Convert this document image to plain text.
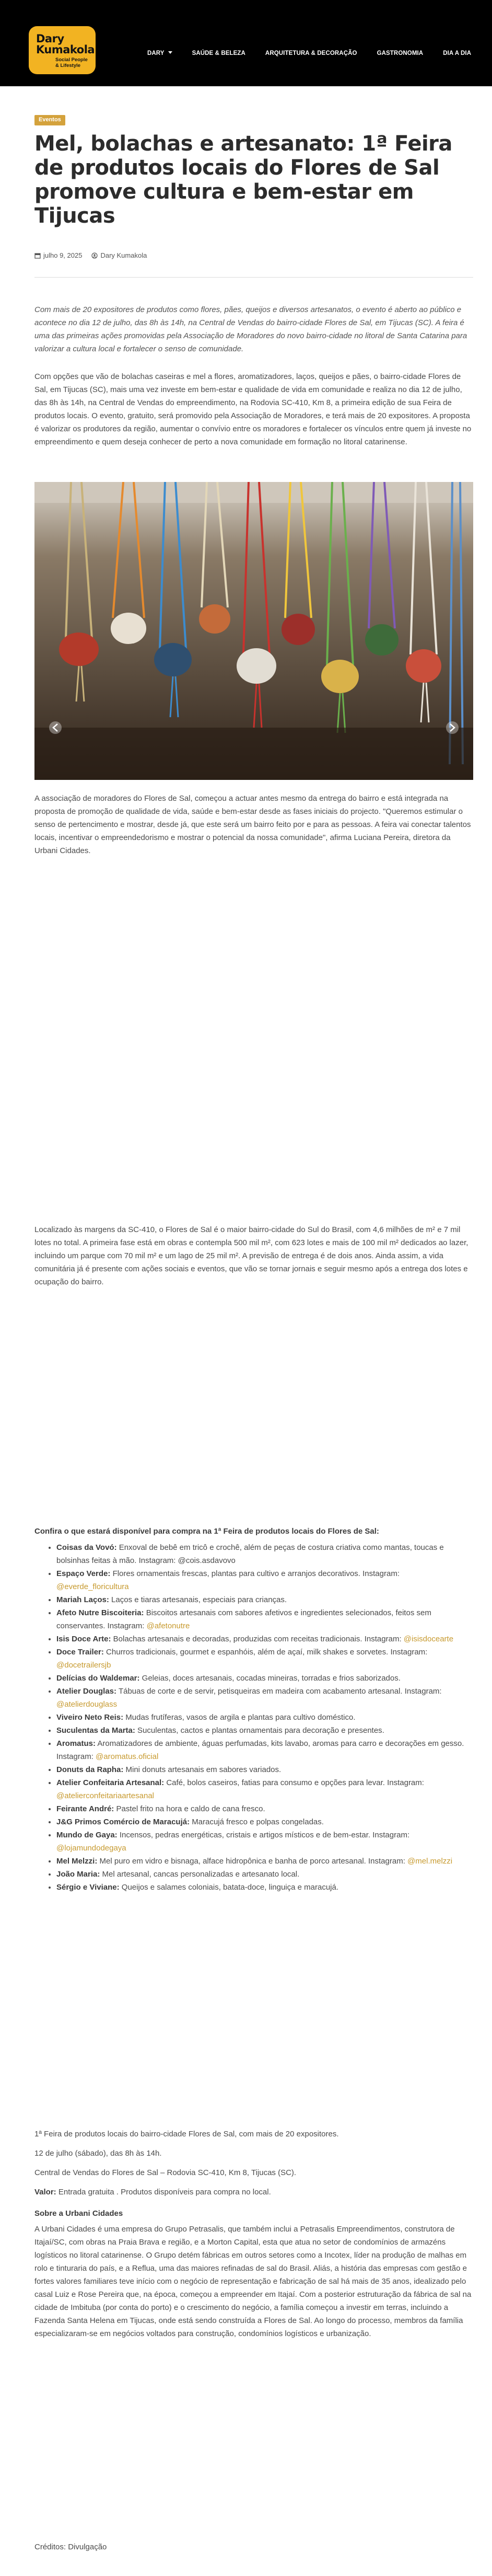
Dary
Kumakola
Social People & Lifestyle
DARY	SAÚDE & BELEZA	ARQUITETURA & DECORAÇÃO	GASTRONOMIA	DIA A DIA
Eventos
Mel, bolachas e artesanato: 1ª Feira de produtos locais do Flores de Sal promove cultura e bem-estar em Tijucas
julho 9, 2025	Dary Kumakola

Com mais de 20 expositores de produtos como flores, pães, queijos e diversos artesanatos, o evento é aberto ao público e acontece no dia 12 de julho, das 8h às 14h, na Central de Vendas do bairro-cidade Flores de Sal, em Tijucas (SC). A feira é uma das primeiras ações promovidas pela Associação de Moradores do novo bairro-cidade no litoral de Santa Catarina para valorizar a cultura local e fortalecer o senso de comunidade.

Com opções que vão de bolachas caseiras e mel a flores, aromatizadores, laços, queijos e pães, o bairro-cidade Flores de Sal, em Tijucas (SC), mais uma vez investe em bem-estar e qualidade de vida em comunidade e realiza no dia 12 de julho, das 8h às 14h, na Central de Vendas do empreendimento, na Rodovia SC-410, Km 8, a primeira edição de sua Feira de produtos locais. O evento, gratuito, será promovido pela Associação de Moradores, e terá mais de 20 expositores. A proposta é valorizar os produtores da região, aumentar o convívio entre os moradores e fortalecer os vínculos entre quem já investe no empreendimento e quem deseja conhecer de perto a nova comunidade em formação no litoral catarinense.

A associação de moradores do Flores de Sal, começou a actuar antes mesmo da entrega do bairro e está integrada na proposta de promoção de qualidade de vida, saúde e bem-estar desde as fases iniciais do projecto. "Queremos estimular o senso de pertencimento e mostrar, desde já, que este será um bairro feito por e para as pessoas. A feira vai conectar talentos locais, incentivar o empreendedorismo e mostrar o potencial da nossa comunidade", afirma Luciana Pereira, diretora da Urbani Cidades.

Localizado às margens da SC-410, o Flores de Sal é o maior bairro-cidade do Sul do Brasil, com 4,6 milhões de m² e 7 mil lotes no total. A primeira fase está em obras e contempla 500 mil m², com 623 lotes e mais de 100 mil m² dedicados ao lazer, incluindo um parque com 70 mil m² e um lago de 25 mil m². A previsão de entrega é de dois anos. Ainda assim, a vida comunitária já é presente com ações sociais e eventos, que vão se tornar jornais e seguir mesmo após a entrega dos lotes e ocupação do bairro.

Confira o que estará disponível para compra na 1ª Feira de produtos locais do Flores de Sal:

• Coisas da Vovó: Enxoval de bebê em tricô e crochê, além de peças de costura criativa como mantas, toucas e bolsinhas feitas à mão. Instagram: @cois.asdavovo
• Espaço Verde: Flores ornamentais frescas, plantas para cultivo e arranjos decorativos. Instagram: @everde_floricultura
• Mariah Laços: Laços e tiaras artesanais, especiais para crianças.
• Afeto Nutre Biscoiteria: Biscoitos artesanais com sabores afetivos e ingredientes selecionados, feitos sem conservantes. Instagram: @afetonutre
• Isis Doce Arte: Bolachas artesanais e decoradas, produzidas com receitas tradicionais. Instagram: @isisdocearte
• Doce Trailer: Churros tradicionais, gourmet e espanhóis, além de açaí, milk shakes e sorvetes. Instagram: @docetrailersjb
• Delícias do Waldemar: Geleias, doces artesanais, cocadas mineiras, torradas e frios saborizados.
• Atelier Douglas: Tábuas de corte e de servir, petisqueiras em madeira com acabamento artesanal. Instagram: @atelierdouglass
• Viveiro Neto Reis: Mudas frutíferas, vasos de argila e plantas para cultivo doméstico.
• Suculentas da Marta: Suculentas, cactos e plantas ornamentais para decoração e presentes.
• Aromatus: Aromatizadores de ambiente, águas perfumadas, kits lavabo, aromas para carro e decorações em gesso. Instagram: @aromatus.oficial
• Donuts da Rapha: Mini donuts artesanais em sabores variados.
• Atelier Confeitaria Artesanal: Café, bolos caseiros, fatias para consumo e opções para levar. Instagram: @atelierconfeitariaartesanal
• Feirante André: Pastel frito na hora e caldo de cana fresco.
• J&G Primos Comércio de Maracujá: Maracujá fresco e polpas congeladas.
• Mundo de Gaya: Incensos, pedras energéticas, cristais e artigos místicos e de bem-estar. Instagram: @lojamundodegaya
• Mel Melzzi: Mel puro em vidro e bisnaga, alface hidropônica e banha de porco artesanal. Instagram: @mel.melzzi
• João Maria: Mel artesanal, cancas personalizadas e artesanato local.
• Sérgio e Viviane: Queijos e salames coloniais, batata-doce, linguiça e maracujá.

1ª Feira de produtos locais do bairro-cidade Flores de Sal, com mais de 20 expositores.

12 de julho (sábado), das 8h às 14h.

Central de Vendas do Flores de Sal – Rodovia SC-410, Km 8, Tijucas (SC).

Valor: Entrada gratuita . Produtos disponíveis para compra no local.

Sobre a Urbani Cidades

A Urbani Cidades é uma empresa do Grupo Petrasalis, que também inclui a Petrasalis Empreendimentos, construtora de Itajaí/SC, com obras na Praia Brava e região, e a Morton Capital, esta que atua no setor de condomínios de armazéns logísticos no litoral catarinense. O Grupo detém fábricas em outros setores como a Incotex, líder na produção de malhas em rolo e tinturaria do país, e a Reflua, uma das maiores refinadas de sal do Brasil. Aliás, a história das empresas com gestão e fortes valores familiares teve início com o negócio de representação e fabricação de sal há mais de 35 anos, idealizado pelo casal Luiz e Rose Pereira que, na época, começou a empreender em Itajaí. Com a posterior estruturação da fábrica de sal na cidade de Imbituba (por conta do porto) e o crescimento do negócio, a família começou a investir em terras, incluindo a Fazenda Santa Helena em Tijucas, onde está sendo construída a Flores de Sal. Ao longo do processo, membros da família especializaram-se em negócios voltados para construção, condomínios logísticos e urbanização.

Créditos: Divulgação
